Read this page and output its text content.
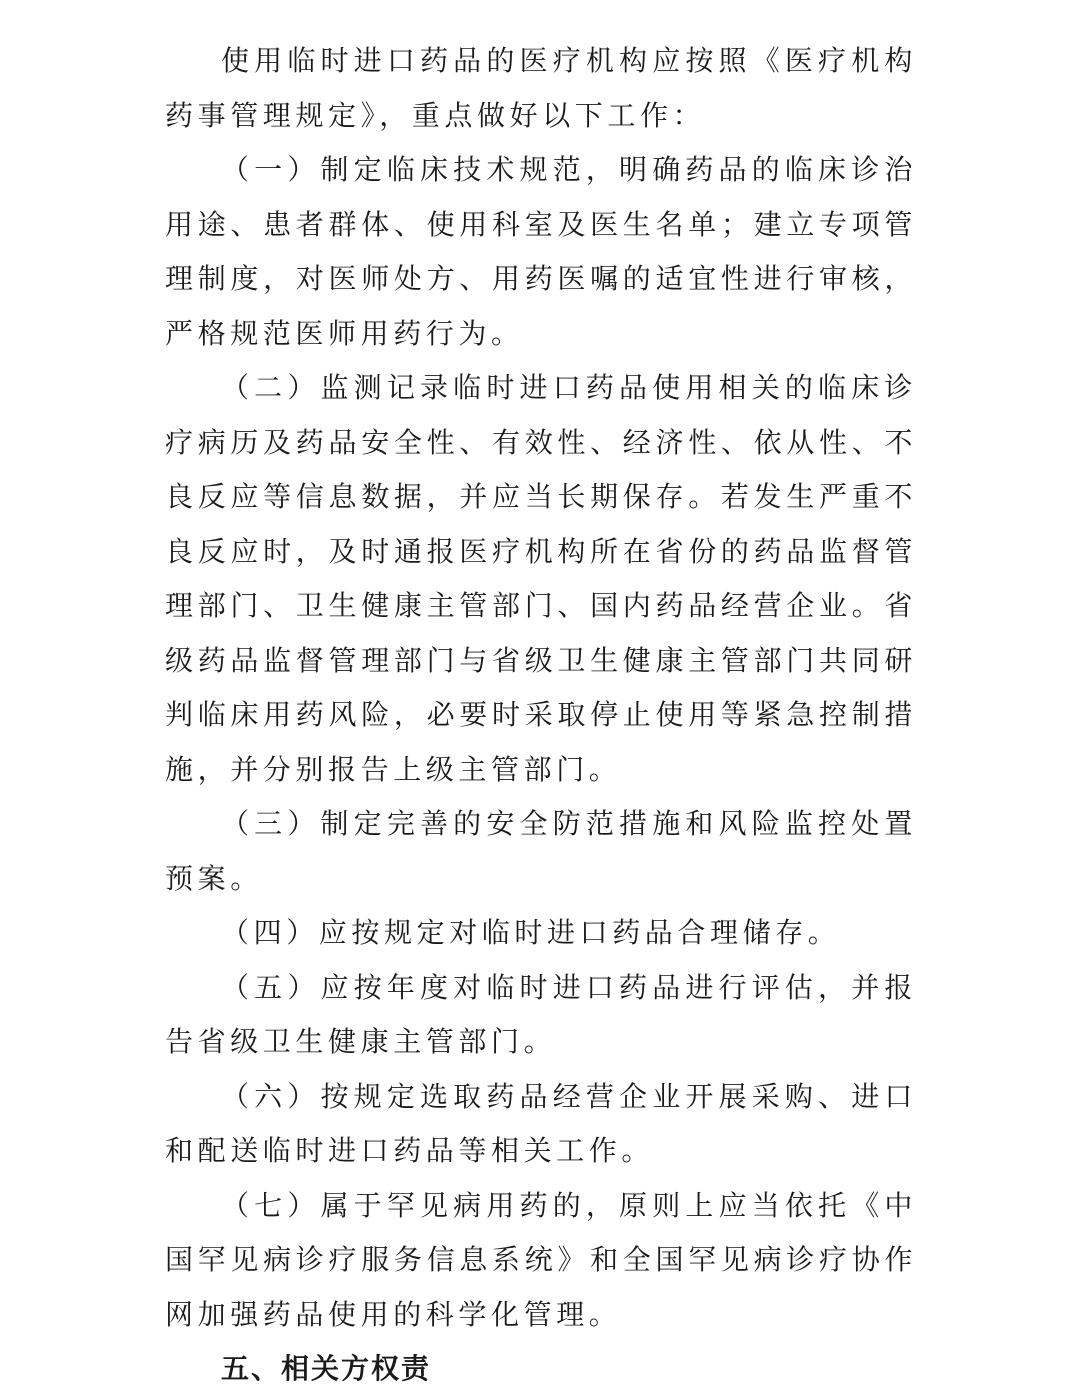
使用临时进口药品的医疗机构应按照《医疗机构药事管理规定》，重点做好以下工作：

（一）制定临床技术规范，明确药品的临床诊治用途、患者群体、使用科室及医生名单；建立专项管理制度，对医师处方、用药医嘱的适宜性进行审核，严格规范医师用药行为。

（二）监测记录临时进口药品使用相关的临床诊疗病历及药品安全性、有效性、经济性、依从性、不良反应等信息数据，并应当长期保存。若发生严重不良反应时，及时通报医疗机构所在省份的药品监督管理部门、卫生健康主管部门、国内药品经营企业。省级药品监督管理部门与省级卫生健康主管部门共同研判临床用药风险，必要时采取停止使用等紧急控制措施，并分别报告上级主管部门。

（三）制定完善的安全防范措施和风险监控处置预案。

（四）应按规定对临时进口药品合理储存。

（五）应按年度对临时进口药品进行评估，并报告省级卫生健康主管部门。

（六）按规定选取药品经营企业开展采购、进口和配送临时进口药品等相关工作。

（七）属于罕见病用药的，原则上应当依托《中国罕见病诊疗服务信息系统》和全国罕见病诊疗协作网加强药品使用的科学化管理。

五、相关方权责
